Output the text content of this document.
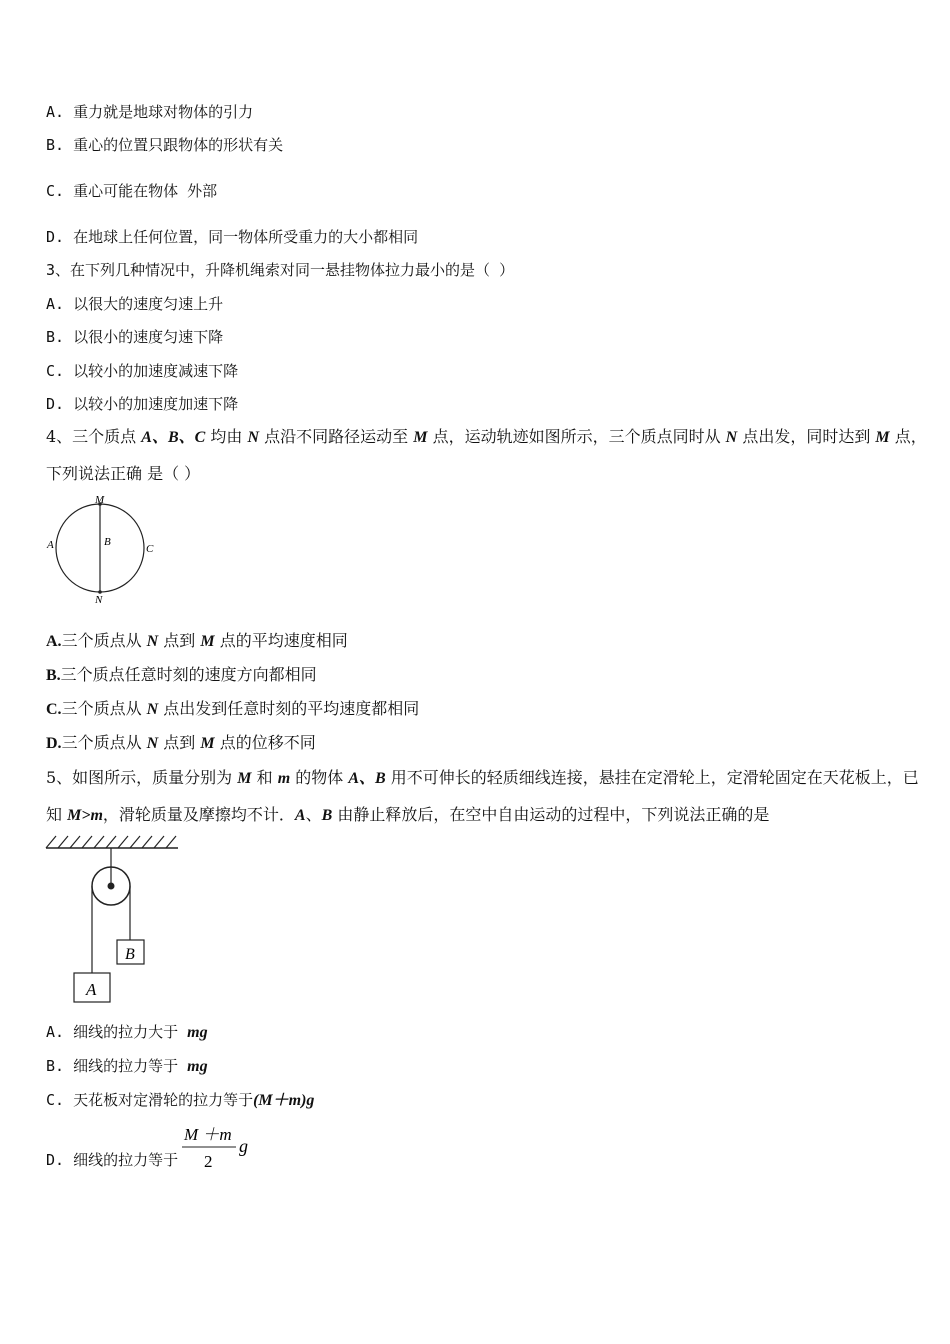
A. 重力就是地球对物体的引力
B. 重心的位置只跟物体的形状有关
C. 重心可能在物体 外部
D. 在地球上任何位置，同一物体所受重力的大小都相同
3、在下列几种情况中，升降机绳索对同一悬挂物体拉力最小的是（ ）
A. 以很大的速度匀速上升
B. 以很小的速度匀速下降
C. 以较小的加速度减速下降
D. 以较小的加速度加速下降
4、三个质点 A、B、C 均由 N 点沿不同路径运动至 M 点，运动轨迹如图所示，三个质点同时从 N 点出发，同时达到 M 点，
下列说法正确 是（ ）
M
N
A	B
C
A.三个质点从 N 点到 M 点的平均速度相同
B.三个质点任意时刻的速度方向都相同
C.三个质点从 N 点出发到任意时刻的平均速度都相同
D.三个质点从 N 点到 M 点的位移不同
5、如图所示，质量分别为 M 和 m 的物体 A、B 用不可伸长的轻质细线连接，悬挂在定滑轮上，定滑轮固定在天花板上，已
知 M>m，滑轮质量及摩擦均不计．A、B 由静止释放后，在空中自由运动的过程中，下列说法正确的是
B
A
A. 细线的拉力大于 mg
B. 细线的拉力等于 mg
C. 天花板对定滑轮的拉力等于(M＋m)g
D. 细线的拉力等于
M ＋m
2
g
